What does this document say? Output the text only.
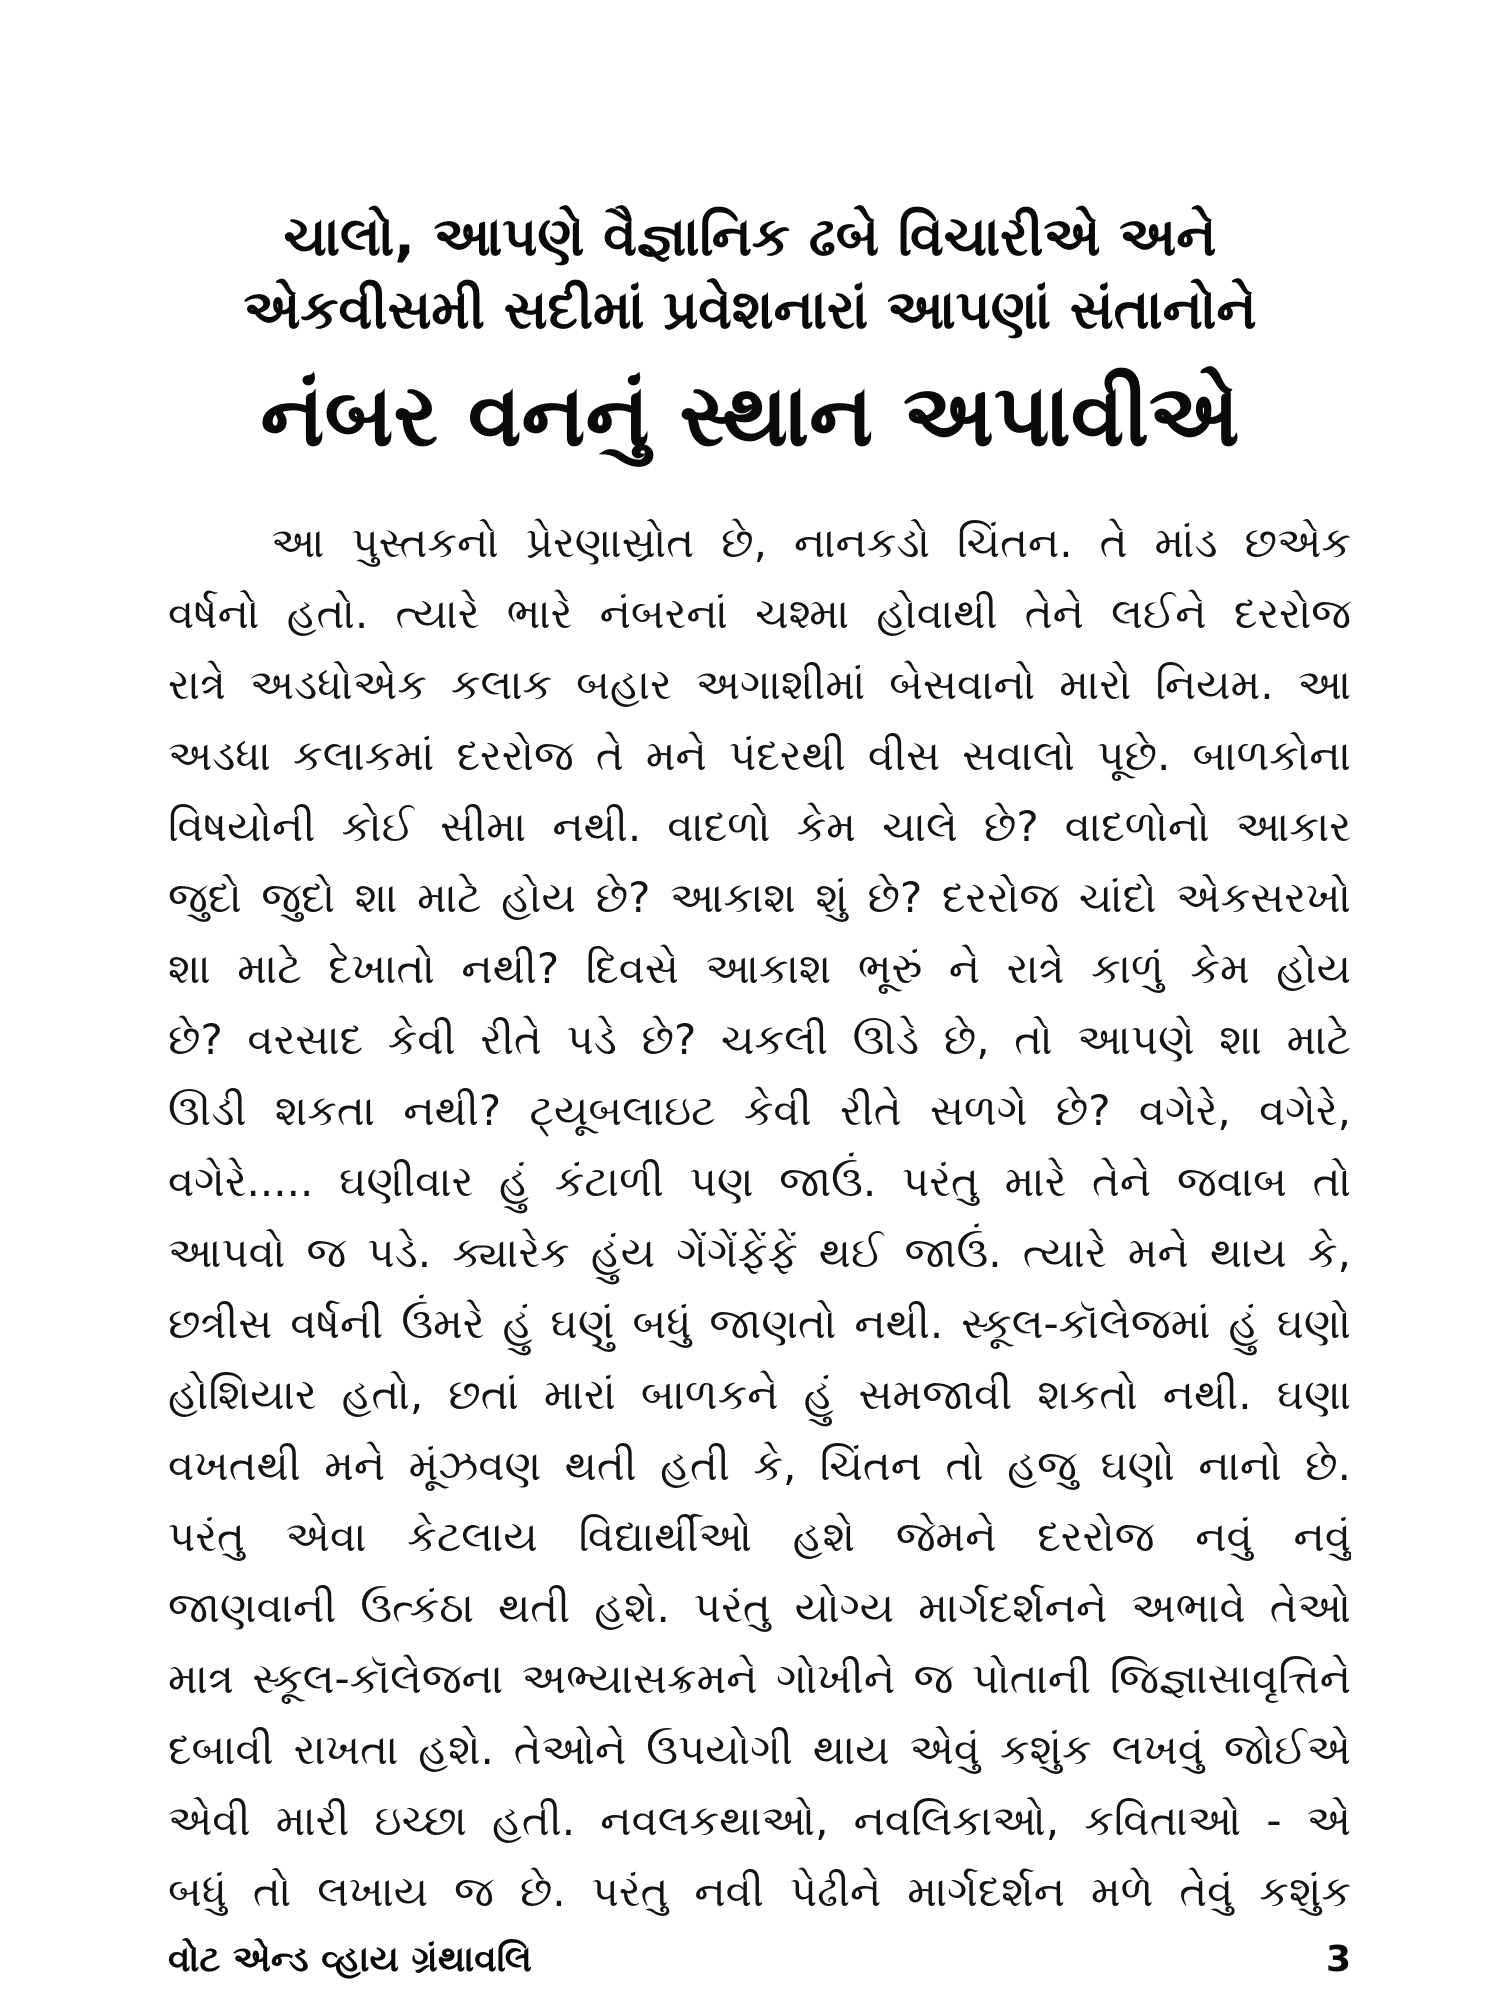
ચાલો, આપણે વૈજ્ઞાનિક ઢબે વિચારીએ અને
એકવીસમી સદીમાં પ્રવેશનારાં આપણાં સંતાનોને
નંબર વનનું સ્થાન અપાવીએ
આ પુસ્તકનો પ્રેરણાસ્રોત છે, નાનકડો ચિંતન. તે માંડ છએક
વર્ષનો હતો. ત્યારે ભારે નંબરનાં ચશ્મા હોવાથી તેને લઈને દરરોજ
રાત્રે અડધોએક કલાક બહાર અગાશીમાં બેસવાનો મારો નિયમ. આ
અડધા કલાકમાં દરરોજ તે મને પંદરથી વીસ સવાલો પૂછે. બાળકોના
વિષયોની કોઈ સીમા નથી. વાદળો કેમ ચાલે છે? વાદળોનો આકાર
જુદો જુદો શા માટે હોય છે? આકાશ શું છે? દરરોજ ચાંદો એકસરખો
શા માટે દેખાતો નથી? દિવસે આકાશ ભૂરું ને રાત્રે કાળું કેમ હોય
છે? વરસાદ કેવી રીતે પડે છે? ચકલી ઊડે છે, તો આપણે શા માટે
ઊડી શકતા નથી? ટ્યૂબલાઇટ કેવી રીતે સળગે છે? વગેરે, વગેરે,
વગેરે..... ઘણીવાર હું કંટાળી પણ જાઉં. પરંતુ મારે તેને જવાબ તો
આપવો જ પડે. ક્યારેક હુંય ગેંગેંફેંફેં થઈ જાઉં. ત્યારે મને થાય કે,
છત્રીસ વર્ષની ઉંમરે હું ઘણું બધું જાણતો નથી. સ્કૂલ-કૉલેજમાં હું ઘણો
હોશિયાર હતો, છતાં મારાં બાળકને હું સમજાવી શકતો નથી. ઘણા
વખતથી મને મૂંઝવણ થતી હતી કે, ચિંતન તો હજુ ઘણો નાનો છે.
પરંતુ એવા કેટલાય વિદ્યાર્થીઓ હશે જેમને દરરોજ નવું નવું
જાણવાની ઉત્કંઠા થતી હશે. પરંતુ યોગ્ય માર્ગદર્શનને અભાવે તેઓ
માત્ર સ્કૂલ-કૉલેજના અભ્યાસક્રમને ગોખીને જ પોતાની જિજ્ઞાસાવૃત્તિને
દબાવી રાખતા હશે. તેઓને ઉપયોગી થાય એવું કશુંક લખવું જોઈએ
એવી મારી ઇચ્છા હતી. નવલકથાઓ, નવલિકાઓ, કવિતાઓ - એ
બધું તો લખાય જ છે. પરંતુ નવી પેઢીને માર્ગદર્શન મળે તેવું કશુંક
વોટ એન્ડ વ્હાય ગ્રંથાવલિ	3
